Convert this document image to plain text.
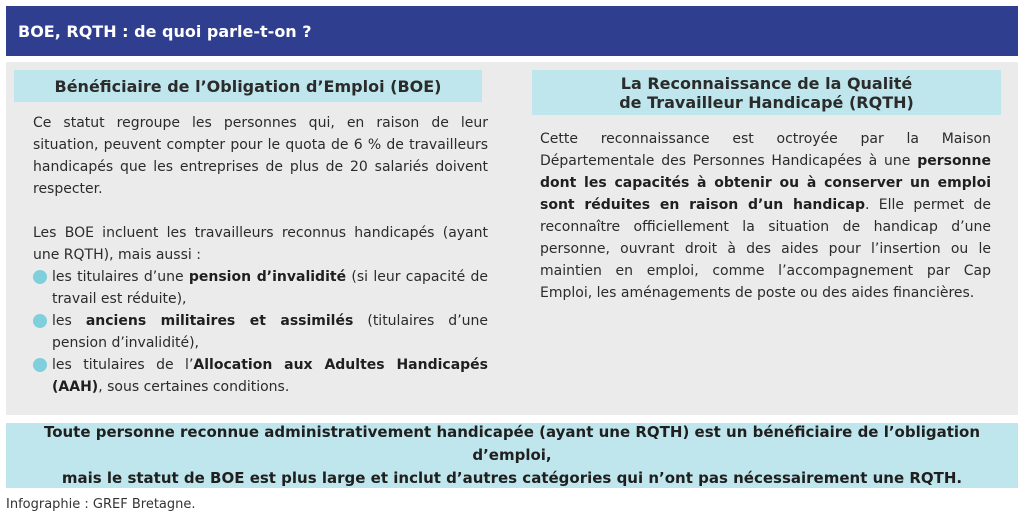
BOE, RQTH : de quoi parle-t-on ?
Bénéficiaire de l’Obligation d’Emploi (BOE)

Ce statut regroupe les personnes qui, en raison de leur situation, peuvent compter pour le quota de 6 % de travailleurs handicapés que les entreprises de plus de 20 salariés doivent respecter.

Les BOE incluent les travailleurs reconnus handicapés (ayant une RQTH), mais aussi :

les titulaires d’une pension d’invalidité (si leur capacité de travail est réduite),
les anciens militaires et assimilés (titulaires d’une pension d’invalidité),
les titulaires de l’Allocation aux Adultes Handicapés (AAH), sous certaines conditions.
La Reconnaissance de la Qualité
de Travailleur Handicapé (RQTH)

Cette reconnaissance est octroyée par la Maison Départementale des Personnes Handicapées à une personne dont les capacités à obtenir ou à conserver un emploi sont réduites en raison d’un handicap. Elle permet de reconnaître officiellement la situation de handicap d’une personne, ouvrant droit à des aides pour l’insertion ou le maintien en emploi, comme l’accompagnement par Cap Emploi, les aménagements de poste ou des aides financières.

Toute personne reconnue administrativement handicapée (ayant une RQTH) est un bénéficiaire de l’obligation d’emploi,
mais le statut de BOE est plus large et inclut d’autres catégories qui n’ont pas nécessairement une RQTH.
Infographie : GREF Bretagne.
